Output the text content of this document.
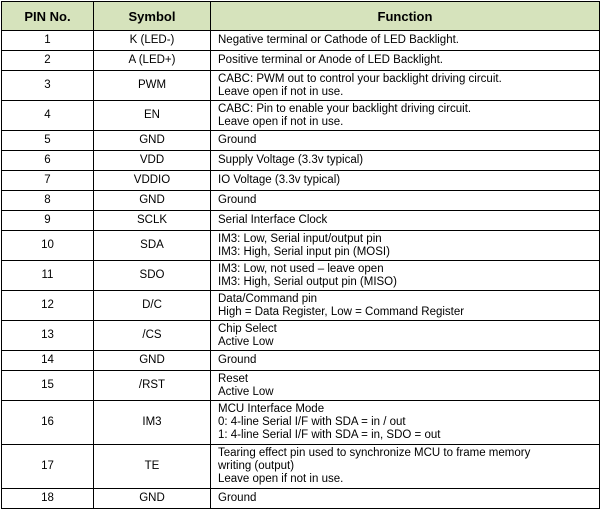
PIN No.	Symbol	Function
1	K (LED-)	Negative terminal or Cathode of LED Backlight.

2	A (LED+)	Positive terminal or Anode of LED Backlight.

3	PWM	CABC: PWM out to control your backlight driving circuit.
Leave open if not in use.

4	EN	CABC: Pin to enable your backlight driving circuit.
Leave open if not in use.

5	GND	Ground

6	VDD	Supply Voltage (3.3v typical)

7	VDDIO	IO Voltage (3.3v typical)

8	GND	Ground

9	SCLK	Serial Interface Clock

10	SDA	IM3: Low, Serial input/output pin
IM3: High, Serial input pin (MOSI)

11	SDO	IM3: Low, not used – leave open
IM3: High, Serial output pin (MISO)

12	D/C	Data/Command pin
High = Data Register, Low = Command Register

13	/CS	Chip Select
Active Low

14	GND	Ground

15	/RST	Reset
Active Low

16	IM3	MCU Interface Mode
0: 4-line Serial I/F with SDA = in / out
1: 4-line Serial I/F with SDA = in, SDO = out

17	TE	Tearing effect pin used to synchronize MCU to frame memory
writing (output)
Leave open if not in use.

18	GND	Ground
